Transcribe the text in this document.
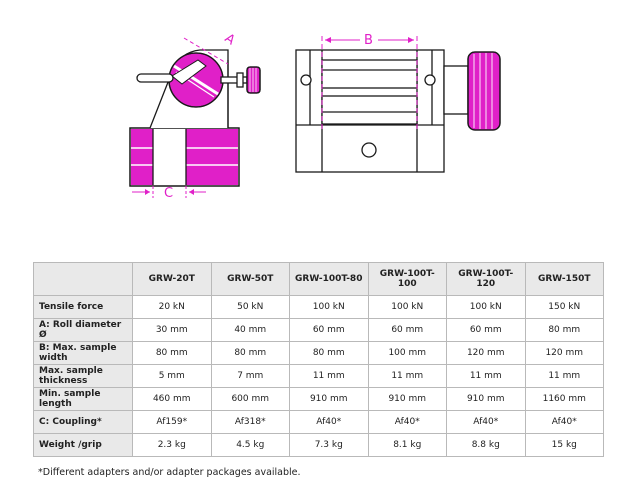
A
C
B
	GRW-20T	GRW-50T	GRW-100T-80	GRW-100T-100	GRW-100T-120	GRW-150T
Tensile force	20 kN	50 kN	100 kN	100 kN	100 kN	150 kN
A: Roll diameter Ø	30 mm	40 mm	60 mm	60 mm	60 mm	80 mm
B: Max. sample width	80 mm	80 mm	80 mm	100 mm	120 mm	120 mm
Max. sample thickness	5 mm	7 mm	11 mm	11 mm	11 mm	11 mm
Min. sample length	460 mm	600 mm	910 mm	910 mm	910 mm	1160 mm
C: Coupling*	Af159*	Af318*	Af40*	Af40*	Af40*	Af40*
Weight /grip	2.3 kg	4.5 kg	7.3 kg	8.1 kg	8.8 kg	15 kg
*Different adapters and/or adapter packages available.
